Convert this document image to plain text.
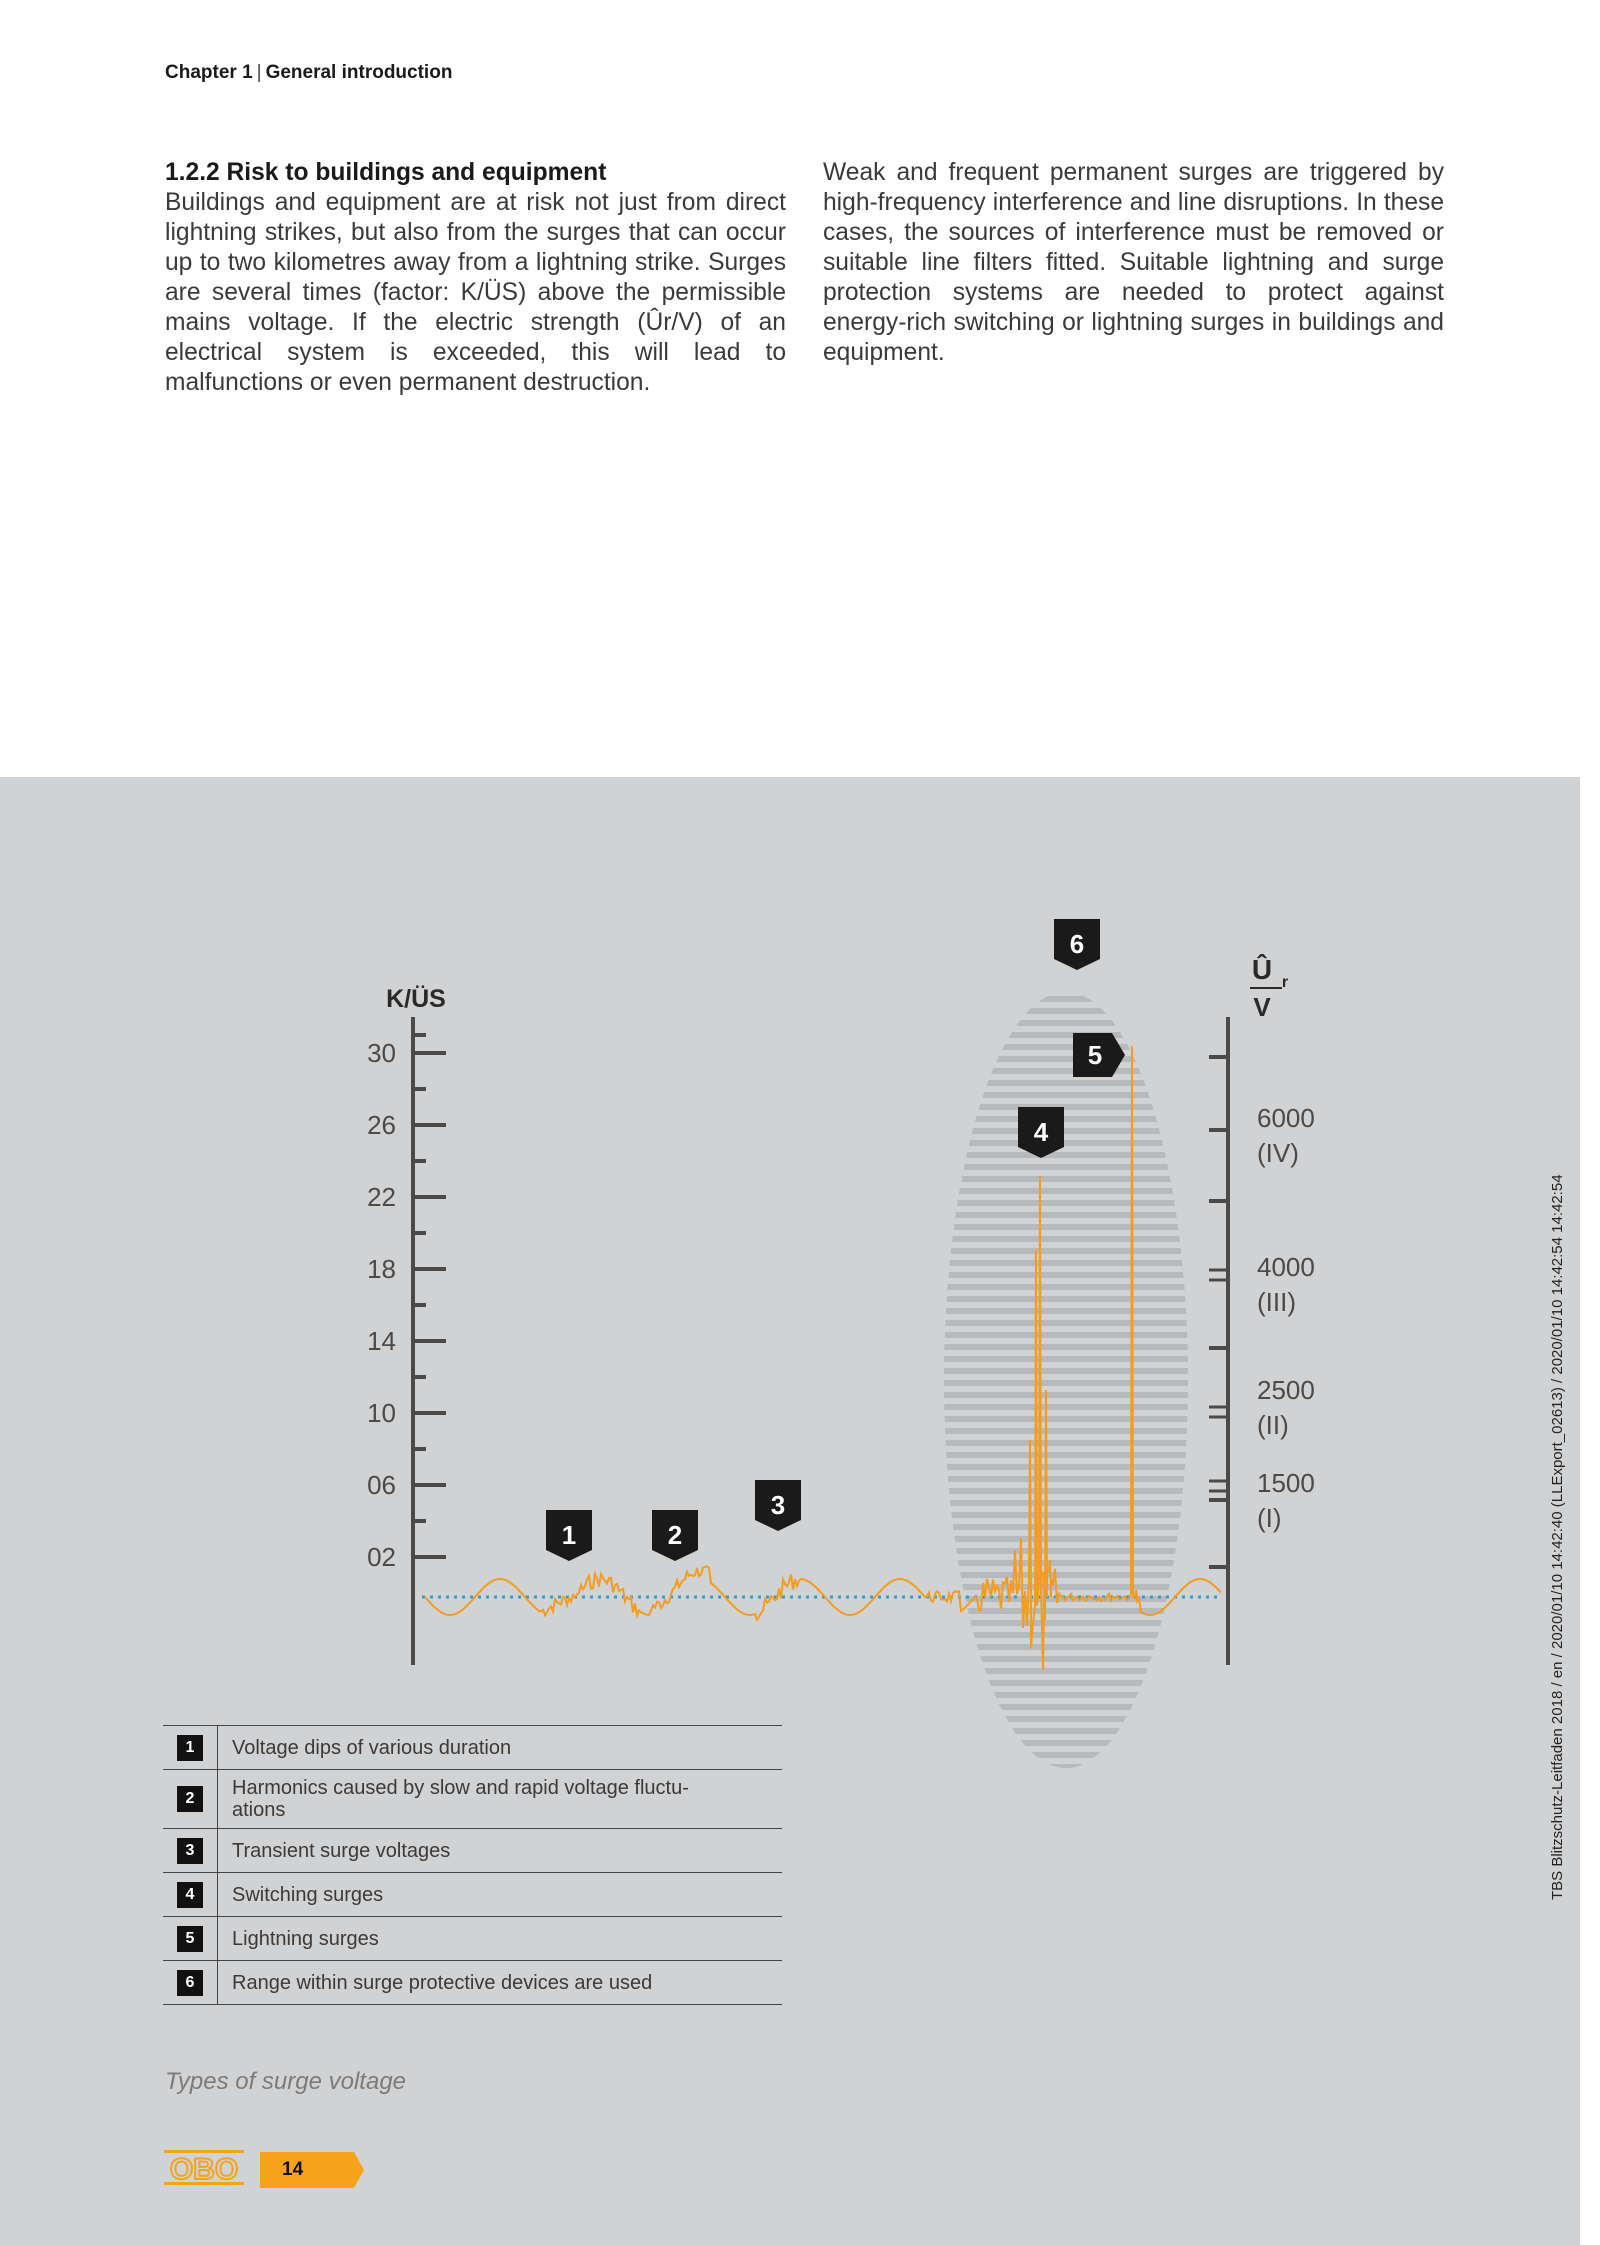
Chapter 1 | General introduction
1.2.2 Risk to buildings and equipment

Buildings and equipment are at risk not just from direct lightning strikes, but also from the surges that can occur up to two kilometres away from a lightning strike. Surges are several times (factor: K/ÜS) above the permissible mains voltage. If the electric strength (Ûr/V) of an electrical system is exceeded, this will lead to malfunctions or even permanent destruction.

Weak and frequent permanent surges are triggered by high-frequency interference and line disruptions. In these cases, the sources of interference must be removed or suitable line filters fitted. Suitable lightning and surge protection systems are needed to protect against energy-rich switching or lightning surges in buildings and equipment.

K/ÜS
30
26
22
18
14
10
06
02
Û r
V
6000
(IV)
4000
(III)
2500
(II)
1500
(I)
1	2
3
4
5
6
1	Voltage dips of various duration
2	Harmonics caused by slow and rapid voltage fluctu-ations
3	Transient surge voltages
4	Switching surges
5	Lightning surges
6	Range within surge protective devices are used
Types of surge voltage
OBO 14
TBS Blitzschutz-Leitfaden 2018 / en / 2020/01/10 14:42:40 (LLExport_02613) / 2020/01/10 14:42:54 14:42:54
